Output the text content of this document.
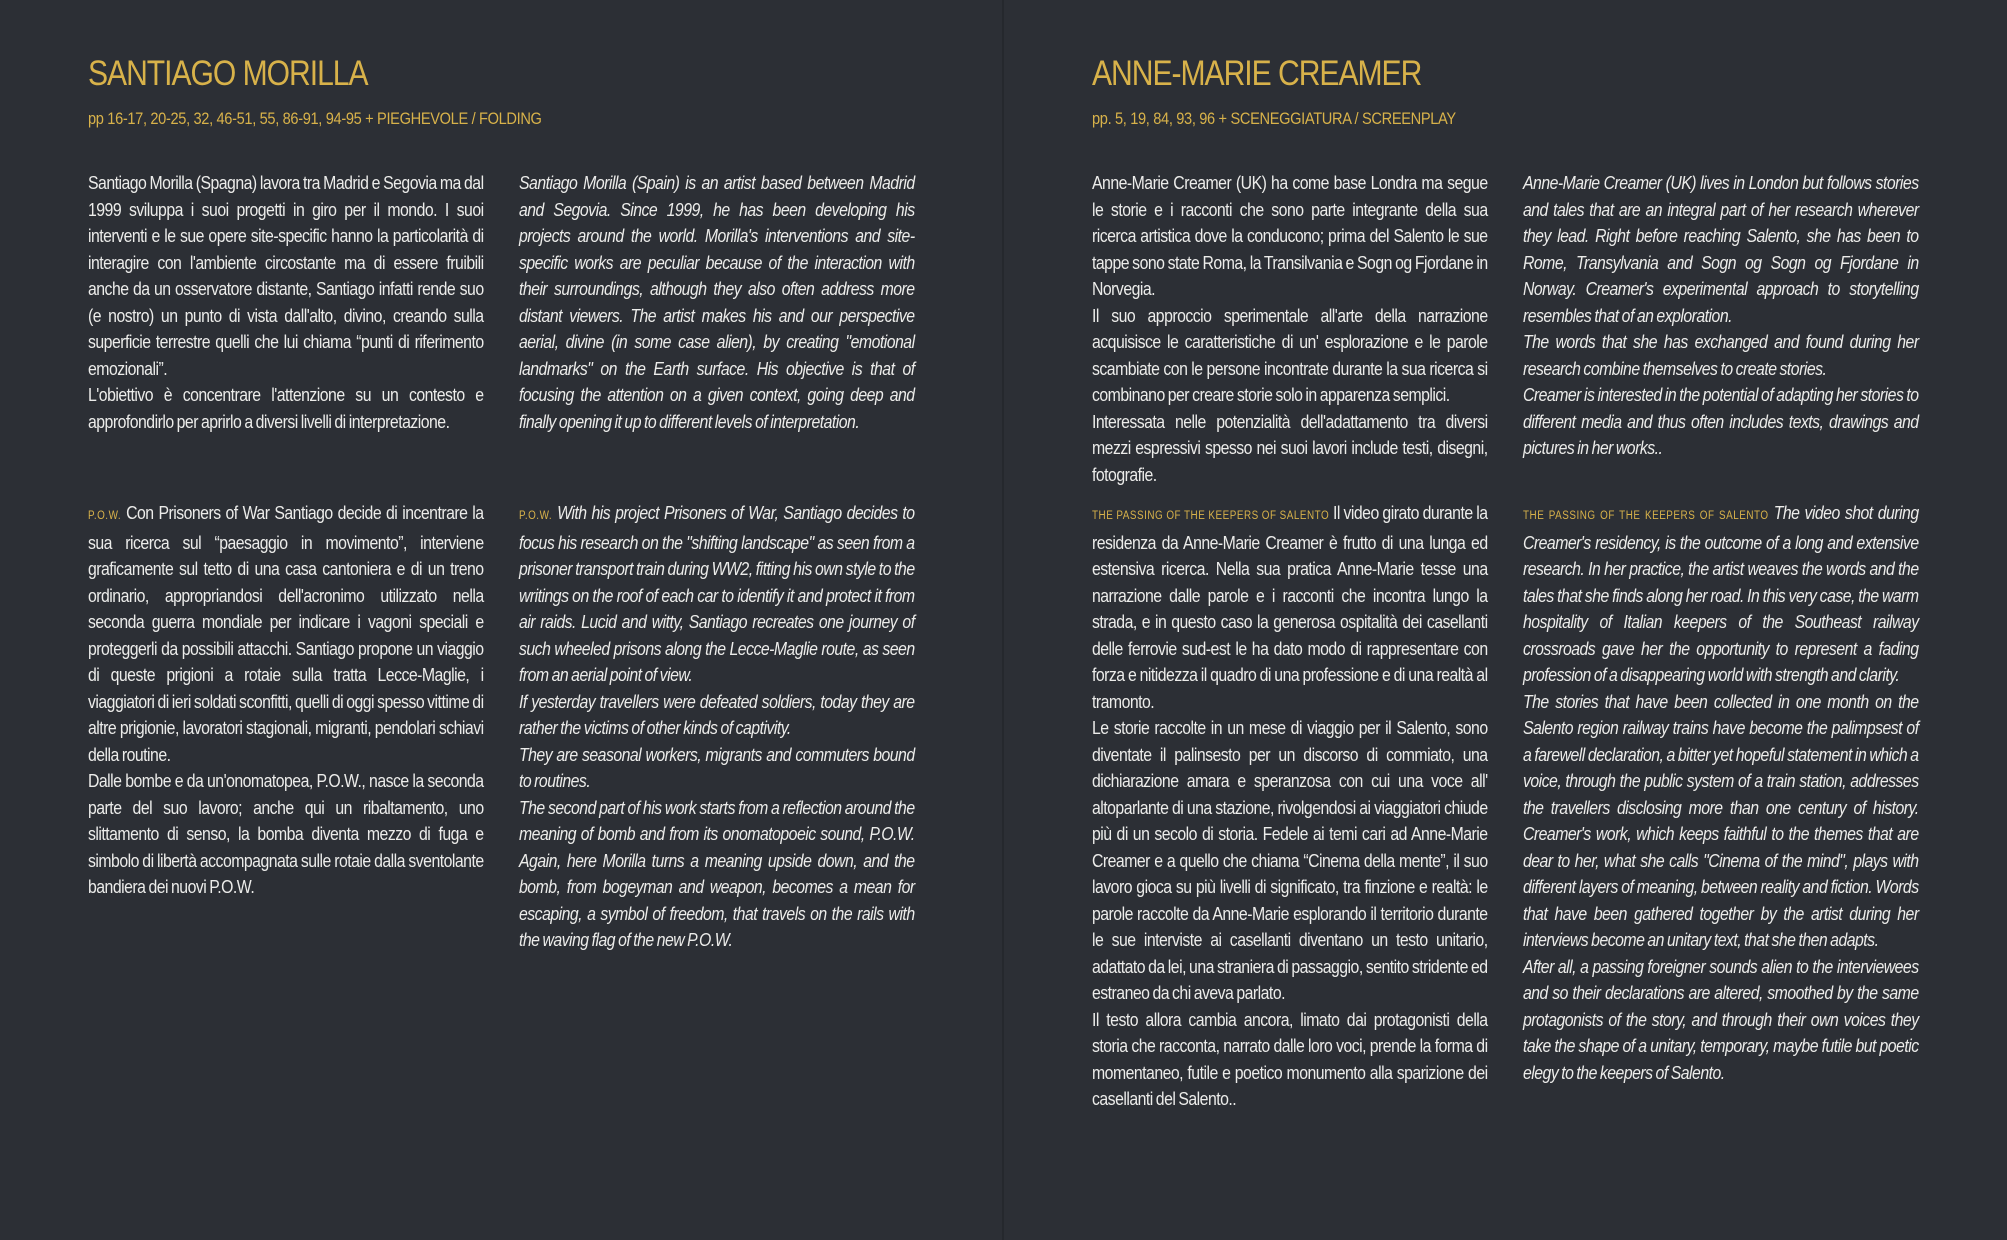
SANTIAGO MORILLA
pp 16-17, 20-25, 32, 46-51, 55, 86-91, 94-95 + PIEGHEVOLE / FOLDING

Santiago Morilla (Spagna) lavora tra Madrid e Segovia ma dal 1999 sviluppa i suoi progetti in giro per il mondo. I suoi interventi e le sue opere site-specific hanno la particolarità di interagire con l'ambiente circostante ma di essere fruibili anche da un osservatore distante, Santiago infatti rende suo (e nostro) un punto di vista dall'alto, divino, creando sulla superficie terrestre quelli che lui chiama “punti di riferimento emozionali”.

L'obiettivo è concentrare l'attenzione su un contesto e approfondirlo per aprirlo a diversi livelli di interpretazione.

Santiago Morilla (Spain) is an artist based between Madrid and Segovia. Since 1999, he has been developing his projects around the world. Morilla's interventions and site-specific works are peculiar because of the interaction with their surroundings, although they also often address more distant viewers. The artist makes his and our perspective aerial, divine (in some case alien), by creating "emotional landmarks" on the Earth surface. His objective is that of focusing the attention on a given context, going deep and finally opening it up to different levels of interpretation.

P.O.W. Con Prisoners of War Santiago decide di incentrare la sua ricerca sul “paesaggio in movimento”, interviene graficamente sul tetto di una casa cantoniera e di un treno ordinario, appropriandosi dell'acronimo utilizzato nella seconda guerra mondiale per indicare i vagoni speciali e proteggerli da possibili attacchi. Santiago propone un viaggio di queste prigioni a rotaie sulla tratta Lecce-Maglie, i viaggiatori di ieri soldati sconfitti, quelli di oggi spesso vittime di altre prigionie, lavoratori stagionali, migranti, pendolari schiavi della routine.

Dalle bombe e da un'onomatopea, P.O.W., nasce la seconda parte del suo lavoro; anche qui un ribaltamento, uno slittamento di senso, la bomba diventa mezzo di fuga e simbolo di libertà accompagnata sulle rotaie dalla sventolante bandiera dei nuovi P.O.W.

P.O.W. With his project Prisoners of War, Santiago decides to focus his research on the "shifting landscape" as seen from a prisoner transport train during WW2, fitting his own style to the writings on the roof of each car to identify it and protect it from air raids. Lucid and witty, Santiago recreates one journey of such wheeled prisons along the Lecce-Maglie route, as seen from an aerial point of view.

If yesterday travellers were defeated soldiers, today they are rather the victims of other kinds of captivity.

They are seasonal workers, migrants and commuters bound to routines.

The second part of his work starts from a reflection around the meaning of bomb and from its onomatopoeic sound, P.O.W. Again, here Morilla turns a meaning upside down, and the bomb, from bogeyman and weapon, becomes a mean for escaping, a symbol of freedom, that travels on the rails with the waving flag of the new P.O.W.

ANNE-MARIE CREAMER
pp. 5, 19, 84, 93, 96 + SCENEGGIATURA / SCREENPLAY

Anne-Marie Creamer (UK) ha come base Londra ma segue le storie e i racconti che sono parte integrante della sua ricerca artistica dove la conducono; prima del Salento le sue tappe sono state Roma, la Transilvania e Sogn og Fjordane in Norvegia.

Il suo approccio sperimentale all'arte della narrazione acquisisce le caratteristiche di un' esplorazione e le parole scambiate con le persone incontrate durante la sua ricerca si combinano per creare storie solo in apparenza semplici.

Interessata nelle potenzialità dell'adattamento tra diversi mezzi espressivi spesso nei suoi lavori include testi, disegni, fotografie.

Anne-Marie Creamer (UK) lives in London but follows stories and tales that are an integral part of her research wherever they lead. Right before reaching Salento, she has been to Rome, Transylvania and Sogn og Sogn og Fjordane in Norway. Creamer's experimental approach to storytelling resembles that of an exploration.

The words that she has exchanged and found during her research combine themselves to create stories.

Creamer is interested in the potential of adapting her stories to different media and thus often includes texts, drawings and pictures in her works..

THE PASSING OF THE KEEPERS OF SALENTO Il video girato durante la residenza da Anne-Marie Creamer è frutto di una lunga ed estensiva ricerca. Nella sua pratica Anne-Marie tesse una narrazione dalle parole e i racconti che incontra lungo la strada, e in questo caso la generosa ospitalità dei casellanti delle ferrovie sud-est le ha dato modo di rappresentare con forza e nitidezza il quadro di una professione e di una realtà al tramonto.

Le storie raccolte in un mese di viaggio per il Salento, sono diventate il palinsesto per un discorso di commiato, una dichiarazione amara e speranzosa con cui una voce all' altoparlante di una stazione, rivolgendosi ai viaggiatori chiude più di un secolo di storia. Fedele ai temi cari ad Anne-Marie Creamer e a quello che chiama “Cinema della mente”, il suo lavoro gioca su più livelli di significato, tra finzione e realtà: le parole raccolte da Anne-Marie esplorando il territorio durante le sue interviste ai casellanti diventano un testo unitario, adattato da lei, una straniera di passaggio, sentito stridente ed estraneo da chi aveva parlato.

Il testo allora cambia ancora, limato dai protagonisti della storia che racconta, narrato dalle loro voci, prende la forma di momentaneo, futile e poetico monumento alla sparizione dei casellanti del Salento..

THE PASSING OF THE KEEPERS OF SALENTO The video shot during Creamer's residency, is the outcome of a long and extensive research. In her practice, the artist weaves the words and the tales that she finds along her road. In this very case, the warm hospitality of Italian keepers of the Southeast railway crossroads gave her the opportunity to represent a fading profession of a disappearing world with strength and clarity.

The stories that have been collected in one month on the Salento region railway trains have become the palimpsest of a farewell declaration, a bitter yet hopeful statement in which a voice, through the public system of a train station, addresses the travellers disclosing more than one century of history. Creamer's work, which keeps faithful to the themes that are dear to her, what she calls "Cinema of the mind", plays with different layers of meaning, between reality and fiction. Words that have been gathered together by the artist during her interviews become an unitary text, that she then adapts.

After all, a passing foreigner sounds alien to the interviewees and so their declarations are altered, smoothed by the same protagonists of the story, and through their own voices they take the shape of a unitary, temporary, maybe futile but poetic elegy to the keepers of Salento.
